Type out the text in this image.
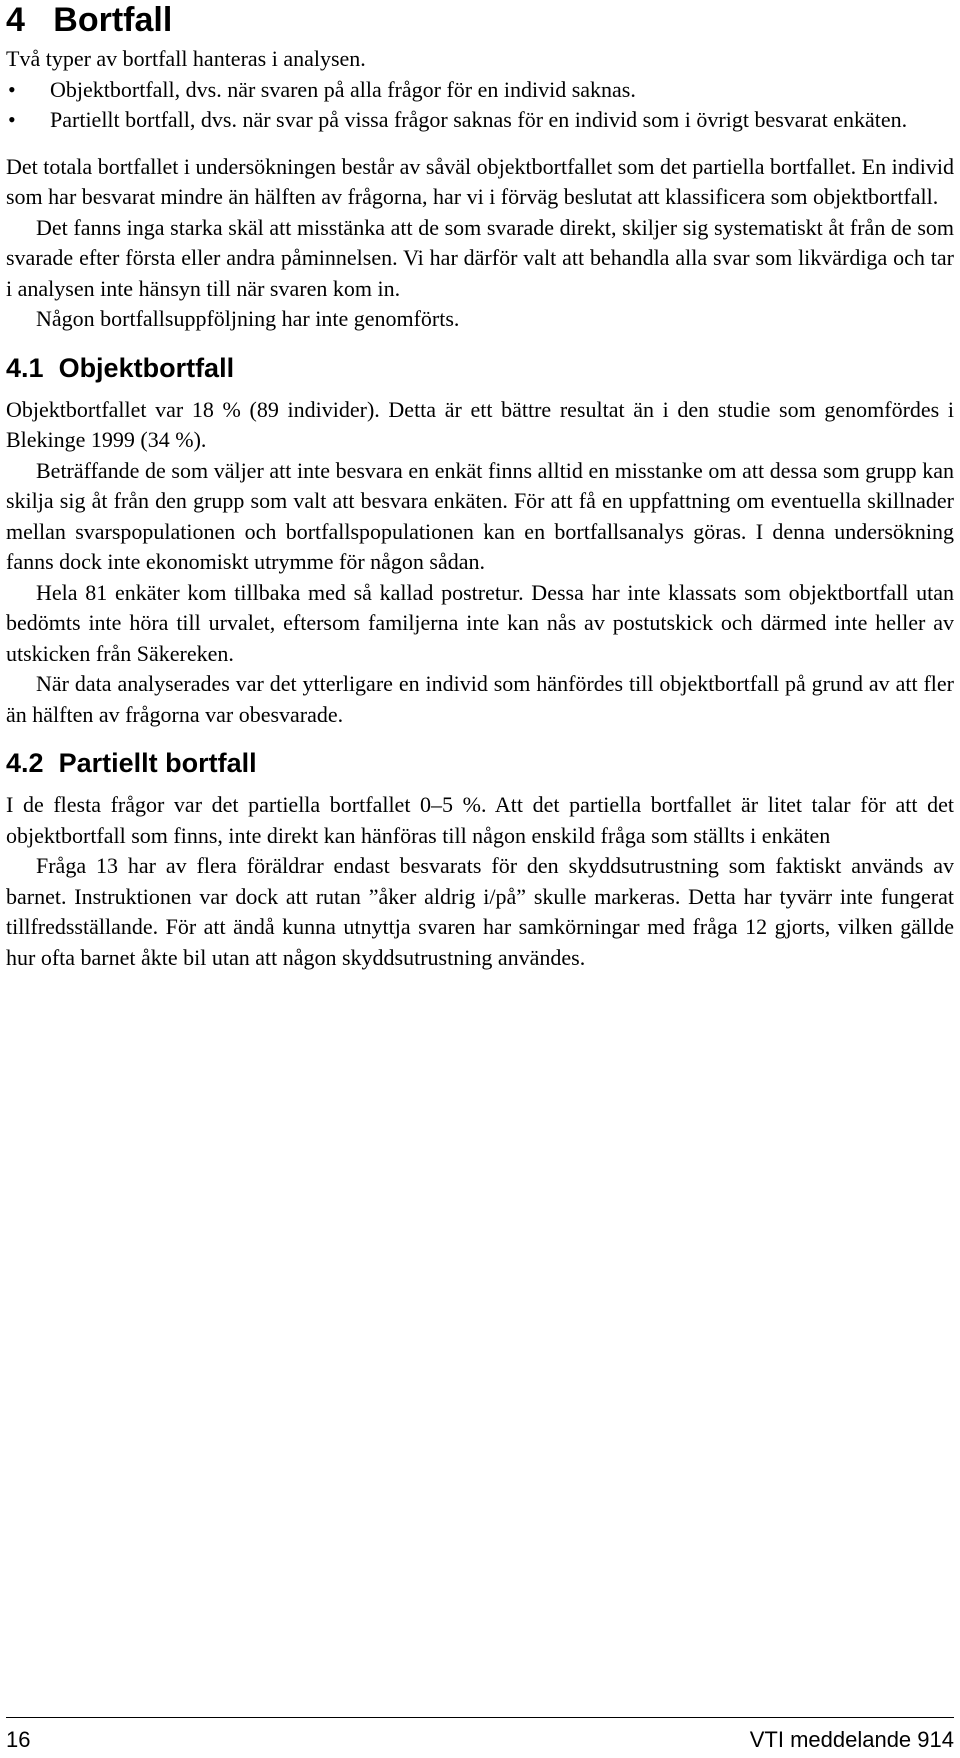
4 Bortfall

Två typer av bortfall hanteras i analysen.

• Objektbortfall, dvs. när svaren på alla frågor för en individ saknas.
• Partiellt bortfall, dvs. när svar på vissa frågor saknas för en individ som i övrigt besvarat enkäten.

Det totala bortfallet i undersökningen består av såväl objektbortfallet som det partiella bortfallet. En individ som har besvarat mindre än hälften av frågorna, har vi i förväg beslutat att klassificera som objektbortfall.

Det fanns inga starka skäl att misstänka att de som svarade direkt, skiljer sig systematiskt åt från de som svarade efter första eller andra påminnelsen. Vi har därför valt att behandla alla svar som likvärdiga och tar i analysen inte hänsyn till när svaren kom in.

Någon bortfallsuppföljning har inte genomförts.

4.1 Objektbortfall

Objektbortfallet var 18 % (89 individer). Detta är ett bättre resultat än i den studie som genomfördes i Blekinge 1999 (34 %).

Beträffande de som väljer att inte besvara en enkät finns alltid en misstanke om att dessa som grupp kan skilja sig åt från den grupp som valt att besvara enkäten. För att få en uppfattning om eventuella skillnader mellan svarspopulationen och bortfallspopulationen kan en bortfallsanalys göras. I denna undersökning fanns dock inte ekonomiskt utrymme för någon sådan.

Hela 81 enkäter kom tillbaka med så kallad postretur. Dessa har inte klassats som objektbortfall utan bedömts inte höra till urvalet, eftersom familjerna inte kan nås av postutskick och därmed inte heller av utskicken från Säkereken.

När data analyserades var det ytterligare en individ som hänfördes till objektbortfall på grund av att fler än hälften av frågorna var obesvarade.

4.2 Partiellt bortfall

I de flesta frågor var det partiella bortfallet 0–5 %. Att det partiella bortfallet är litet talar för att det objektbortfall som finns, inte direkt kan hänföras till någon enskild fråga som ställts i enkäten

Fråga 13 har av flera föräldrar endast besvarats för den skyddsutrustning som faktiskt används av barnet. Instruktionen var dock att rutan ”åker aldrig i/på” skulle markeras. Detta har tyvärr inte fungerat tillfredsställande. För att ändå kunna utnyttja svaren har samkörningar med fråga 12 gjorts, vilken gällde hur ofta barnet åkte bil utan att någon skyddsutrustning användes.

16	VTI meddelande 914
